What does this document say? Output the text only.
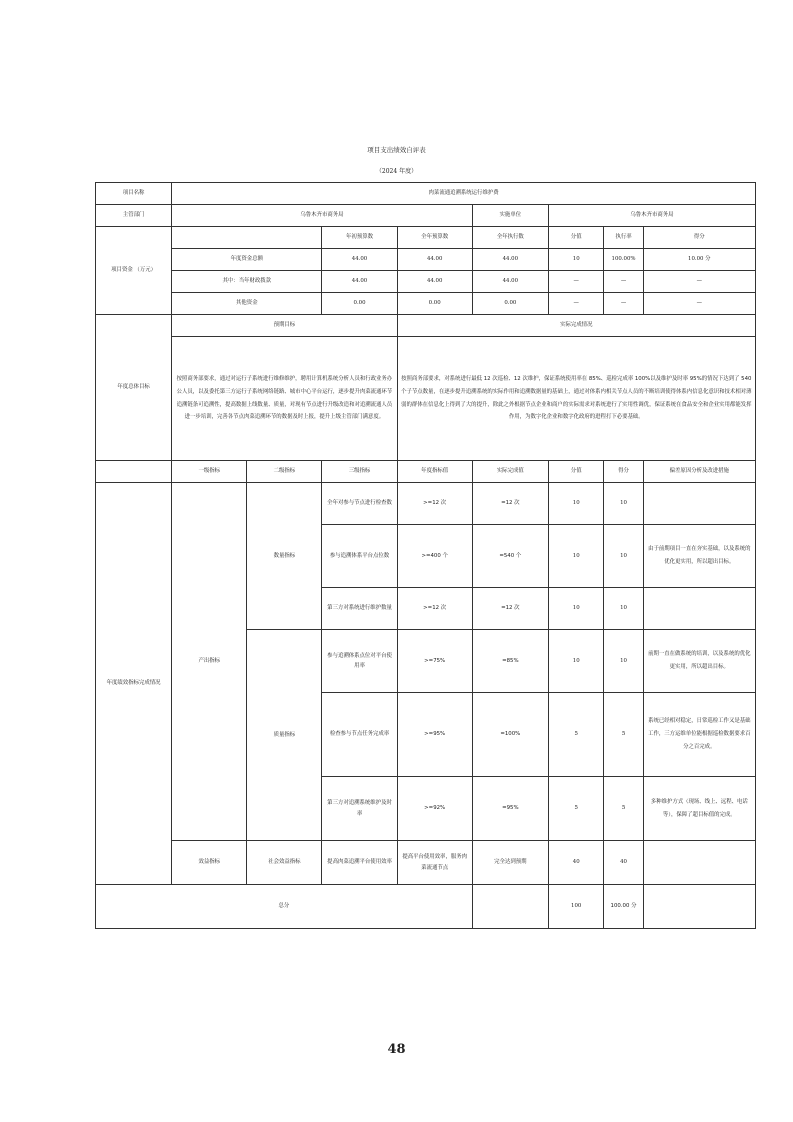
项目支出绩效自评表
（2024 年度）
项目名称	肉菜流通追溯系统运行维护费							
主管部门	乌鲁木齐市商务局				实施单位	乌鲁木齐市商务局		
项目资金 （万元）			年初预算数	全年预算数	全年执行数	分值	执行率	得分
	年度资金总额		44.00	44.00	44.00	10	100.00%	10.00 分
	其中：当年财政拨款		44.00	44.00	44.00	—	—	—
	其他资金		0.00	0.00	0.00	—	—	—
年度总体目标	预期目标			实际完成情况				
	按照商务部要求，通过对运行子系统进行维修维护，聘用计算机系统分析人员和行政业务办公人员，以及委托第三方运行子系统网络链路、城市中心平台运行，逐步提升肉菜流通环节追溯链条可追溯性，提高数据上线数量、质量，对现有节点进行升级改造和对追溯流通人员进一步培训，完善各节点肉菜追溯环节的数据及时上报，提升上级主管部门满意度。			按照商务部要求，对系统进行最低 12 次巡检、12 次维护，保证系统使用率在 85%、巡检完成率 100%以及维护及时率 95%的情况下达到了 540 个子节点数量，在逐步提升追溯系统的实际作用和追溯数据量的基础上，通过对体系内相关节点人员的不断培训使得体系内信息化意识和技术相对薄弱的群体在信息化上得到了大的提升，除此之外根据节点企业和商户的实际需求对系统进行了实用性调优，保证系统在食品安全和企业实用都能发挥作用，为数字化企业和数字化政府的进程打下必要基础。				
	一级指标	二级指标	三级指标	年度指标值	实际完成值	分值	得分	偏差原因分析及改进措施
年度绩效指标完成情况	产出指标	数量指标	全年对参与节点进行检查数	>=12 次	=12 次	10	10	
			参与追溯体系平台点位数	>=400 个	=540 个	10	10	由于前期项目一直在夯实基础，以及系统的优化更实用，所以超出目标。
			第三方对系统进行维护数量	>=12 次	=12 次	10	10	
		质量指标	参与追溯体系点位对平台使用率	>=75%	=85%	10	10	前期一直在做系统的培训，以及系统的优化更实用，所以超出目标。
			检查参与节点任务完成率	>=95%	=100%	5	5	系统已经相对稳定，日常巡检工作又是基础工作，三方运维单位能根据巡检数据要求百分之百完成。
			第三方对追溯系统维护及时率	>=92%	=95%	5	5	多种维护方式（现场、线上、远程、电话等），保障了超目标值的完成。
	效益指标	社会效益指标	提高肉菜追溯平台使用效率	提高平台使用效率，服务肉菜流通节点	完全达到预期	40	40	
总分						100	100.00 分	
48
